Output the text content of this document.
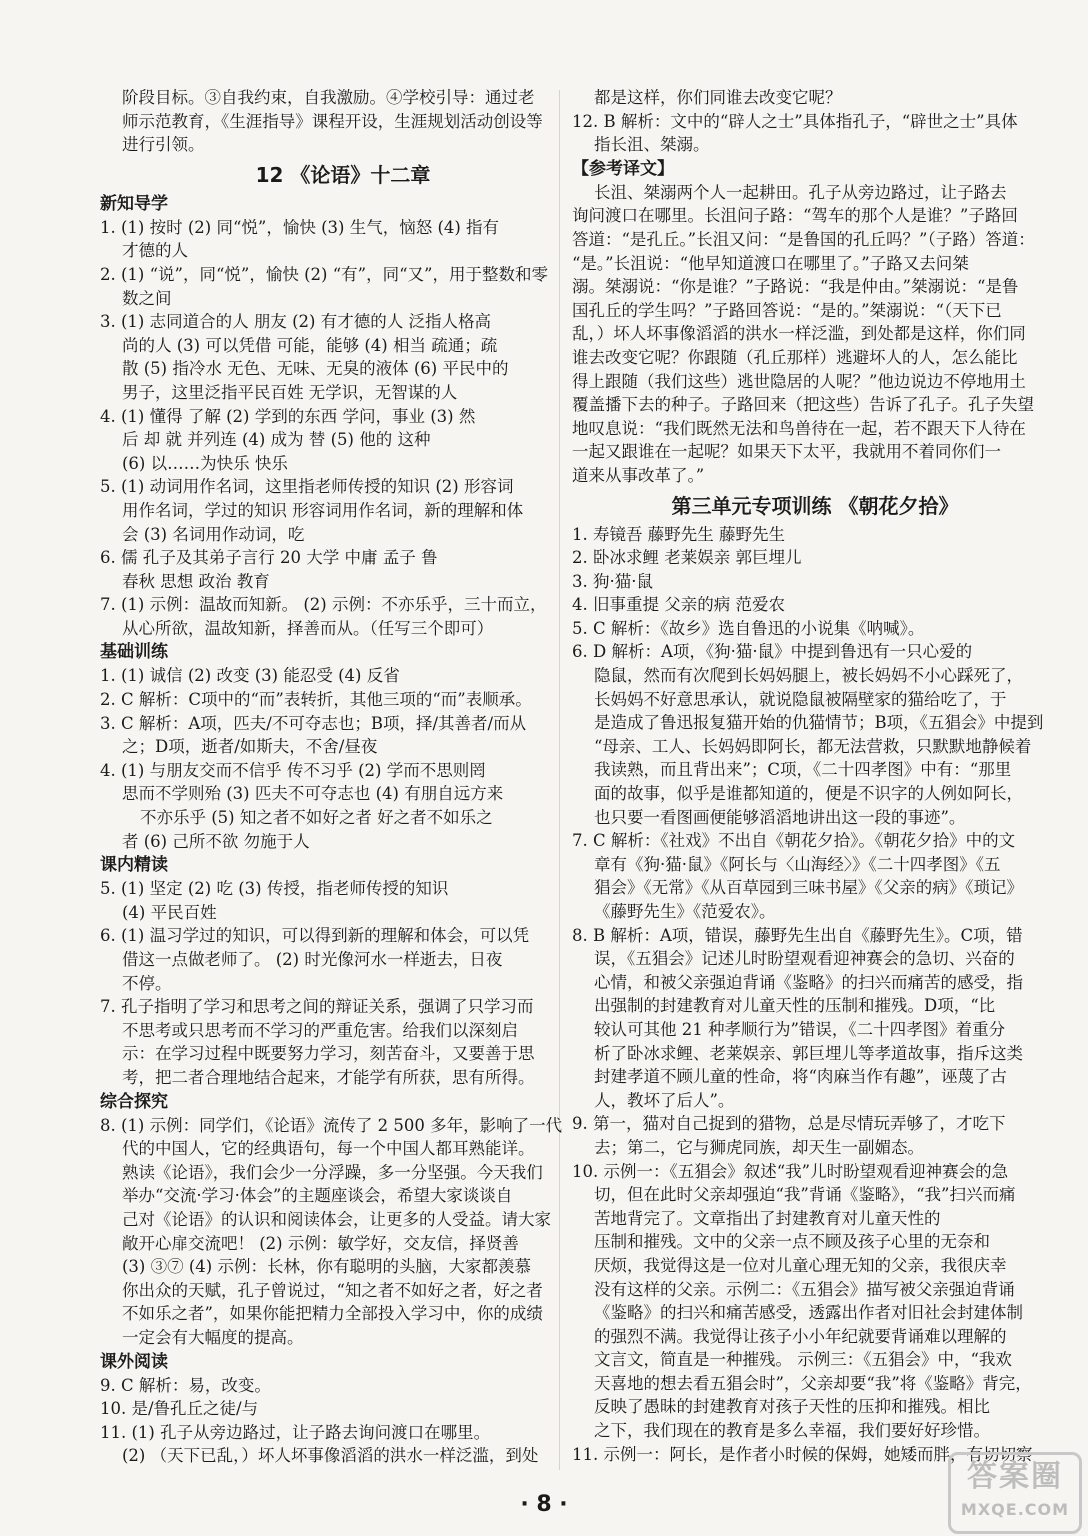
阶段目标。③自我约束，自我激励。④学校引导：通过老
师示范教育，《生涯指导》课程开设，生涯规划活动创设等
进行引领。
12 《论语》十二章
新知导学
1. (1) 按时 (2) 同“悦”，愉快 (3) 生气，恼怒 (4) 指有
才德的人
2. (1) “说”，同“悦”，愉快 (2) “有”，同“又”，用于整数和零
数之间
3. (1) 志同道合的人 朋友 (2) 有才德的人 泛指人格高
尚的人 (3) 可以凭借 可能，能够 (4) 相当 疏通；疏
散 (5) 指冷水 无色、无味、无臭的液体 (6) 平民中的
男子，这里泛指平民百姓 无学识，无智谋的人
4. (1) 懂得 了解 (2) 学到的东西 学问，事业 (3) 然
后 却 就 并列连 (4) 成为 替 (5) 他的 这种
(6) 以……为快乐 快乐
5. (1) 动词用作名词，这里指老师传授的知识 (2) 形容词
用作名词，学过的知识 形容词用作名词，新的理解和体
会 (3) 名词用作动词，吃
6. 儒 孔子及其弟子言行 20 大学 中庸 孟子 鲁
春秋 思想 政治 教育
7. (1) 示例：温故而知新。 (2) 示例：不亦乐乎，三十而立，
从心所欲，温故知新，择善而从。（任写三个即可）
基础训练
1. (1) 诚信 (2) 改变 (3) 能忍受 (4) 反省
2. C 解析：C项中的“而”表转折，其他三项的“而”表顺承。
3. C 解析：A项，匹夫/不可夺志也；B项，择/其善者/而从
之；D项，逝者/如斯夫，不舍/昼夜
4. (1) 与朋友交而不信乎 传不习乎 (2) 学而不思则罔
思而不学则殆 (3) 匹夫不可夺志也 (4) 有朋自远方来
不亦乐乎 (5) 知之者不如好之者 好之者不如乐之
者 (6) 己所不欲 勿施于人
课内精读
5. (1) 坚定 (2) 吃 (3) 传授，指老师传授的知识
(4) 平民百姓
6. (1) 温习学过的知识，可以得到新的理解和体会，可以凭
借这一点做老师了。 (2) 时光像河水一样逝去，日夜
不停。
7. 孔子指明了学习和思考之间的辩证关系，强调了只学习而
不思考或只思考而不学习的严重危害。给我们以深刻启
示：在学习过程中既要努力学习，刻苦奋斗，又要善于思
考，把二者合理地结合起来，才能学有所获，思有所得。
综合探究
8. (1) 示例：同学们，《论语》流传了 2 500 多年，影响了一代
代的中国人，它的经典语句，每一个中国人都耳熟能详。
熟读《论语》，我们会少一分浮躁，多一分坚强。今天我们
举办“交流·学习·体会”的主题座谈会，希望大家谈谈自
己对《论语》的认识和阅读体会，让更多的人受益。请大家
敞开心扉交流吧！ (2) 示例：敏学好，交友信，择贤善
(3) ③⑦ (4) 示例：长林，你有聪明的头脑，大家都羡慕
你出众的天赋，孔子曾说过，“知之者不如好之者，好之者
不如乐之者”，如果你能把精力全部投入学习中，你的成绩
一定会有大幅度的提高。
课外阅读
9. C 解析：易，改变。
10. 是/鲁孔丘之徒/与
11. (1) 孔子从旁边路过，让子路去询问渡口在哪里。
(2) （天下已乱，）坏人坏事像滔滔的洪水一样泛滥，到处
都是这样，你们同谁去改变它呢？
12. B 解析：文中的“辟人之士”具体指孔子，“辟世之士”具体
指长沮、桀溺。
【参考译文】
长沮、桀溺两个人一起耕田。孔子从旁边路过，让子路去
询问渡口在哪里。长沮问子路：“驾车的那个人是谁？”子路回
答道：“是孔丘。”长沮又问：“是鲁国的孔丘吗？”（子路）答道：
“是。”长沮说：“他早知道渡口在哪里了。”子路又去问桀
溺。桀溺说：“你是谁？”子路说：“我是仲由。”桀溺说：“是鲁
国孔丘的学生吗？”子路回答说：“是的。”桀溺说：“（天下已
乱，）坏人坏事像滔滔的洪水一样泛滥，到处都是这样，你们同
谁去改变它呢？你跟随（孔丘那样）逃避坏人的人，怎么能比
得上跟随（我们这些）逃世隐居的人呢？”他边说边不停地用土
覆盖播下去的种子。子路回来（把这些）告诉了孔子。孔子失望
地叹息说：“我们既然无法和鸟兽待在一起，若不跟天下人待在
一起又跟谁在一起呢？如果天下太平，我就用不着同你们一
道来从事改革了。”
第三单元专项训练 《朝花夕拾》
1. 寿镜吾 藤野先生 藤野先生
2. 卧冰求鲤 老莱娱亲 郭巨埋儿
3. 狗·猫·鼠
4. 旧事重提 父亲的病 范爱农
5. C 解析：《故乡》选自鲁迅的小说集《呐喊》。
6. D 解析：A项，《狗·猫·鼠》中提到鲁迅有一只心爱的
隐鼠，然而有次爬到长妈妈腿上，被长妈妈不小心踩死了，
长妈妈不好意思承认，就说隐鼠被隔壁家的猫给吃了，于
是造成了鲁迅报复猫开始的仇猫情节；B项，《五猖会》中提到
“母亲、工人、长妈妈即阿长，都无法营救，只默默地静候着
我读熟，而且背出来”；C项，《二十四孝图》中有：“那里
面的故事，似乎是谁都知道的，便是不识字的人例如阿长，
也只要一看图画便能够滔滔地讲出这一段的事迹”。
7. C 解析：《社戏》不出自《朝花夕拾》。《朝花夕拾》中的文
章有《狗·猫·鼠》《阿长与〈山海经〉》《二十四孝图》《五
猖会》《无常》《从百草园到三味书屋》《父亲的病》《琐记》
《藤野先生》《范爱农》。
8. B 解析：A项，错误，藤野先生出自《藤野先生》。C项，错
误，《五猖会》记述儿时盼望观看迎神赛会的急切、兴奋的
心情，和被父亲强迫背诵《鉴略》的扫兴而痛苦的感受，指
出强制的封建教育对儿童天性的压制和摧残。D项，“比
较认可其他 21 种孝顺行为”错误，《二十四孝图》着重分
析了卧冰求鲤、老莱娱亲、郭巨埋儿等孝道故事，指斥这类
封建孝道不顾儿童的性命，将“肉麻当作有趣”，诬蔑了古
人，教坏了后人”。
9. 第一，猫对自己捉到的猎物，总是尽情玩弄够了，才吃下
去；第二，它与狮虎同族，却天生一副媚态。
10. 示例一：《五猖会》叙述“我”儿时盼望观看迎神赛会的急
切，但在此时父亲却强迫“我”背诵《鉴略》，“我”扫兴而痛
苦地背完了。文章指出了封建教育对儿童天性的
压制和摧残。文中的父亲一点不顾及孩子心里的无奈和
厌烦，我觉得这是一位对儿童心理无知的父亲，我很庆幸
没有这样的父亲。示例二：《五猖会》描写被父亲强迫背诵
《鉴略》的扫兴和痛苦感受，透露出作者对旧社会封建体制
的强烈不满。我觉得让孩子小小年纪就要背诵难以理解的
文言文，简直是一种摧残。 示例三：《五猖会》中，“我欢
天喜地的想去看五猖会时”，父亲却要“我”将《鉴略》背完，
反映了愚昧的封建教育对孩子天性的压抑和摧残。相比
之下，我们现在的教育是多么幸福，我们要好好珍惜。
11. 示例一：阿长，是作者小时候的保姆，她矮而胖，有切切察
· 8 ·
答案圈
MXQE.COM
